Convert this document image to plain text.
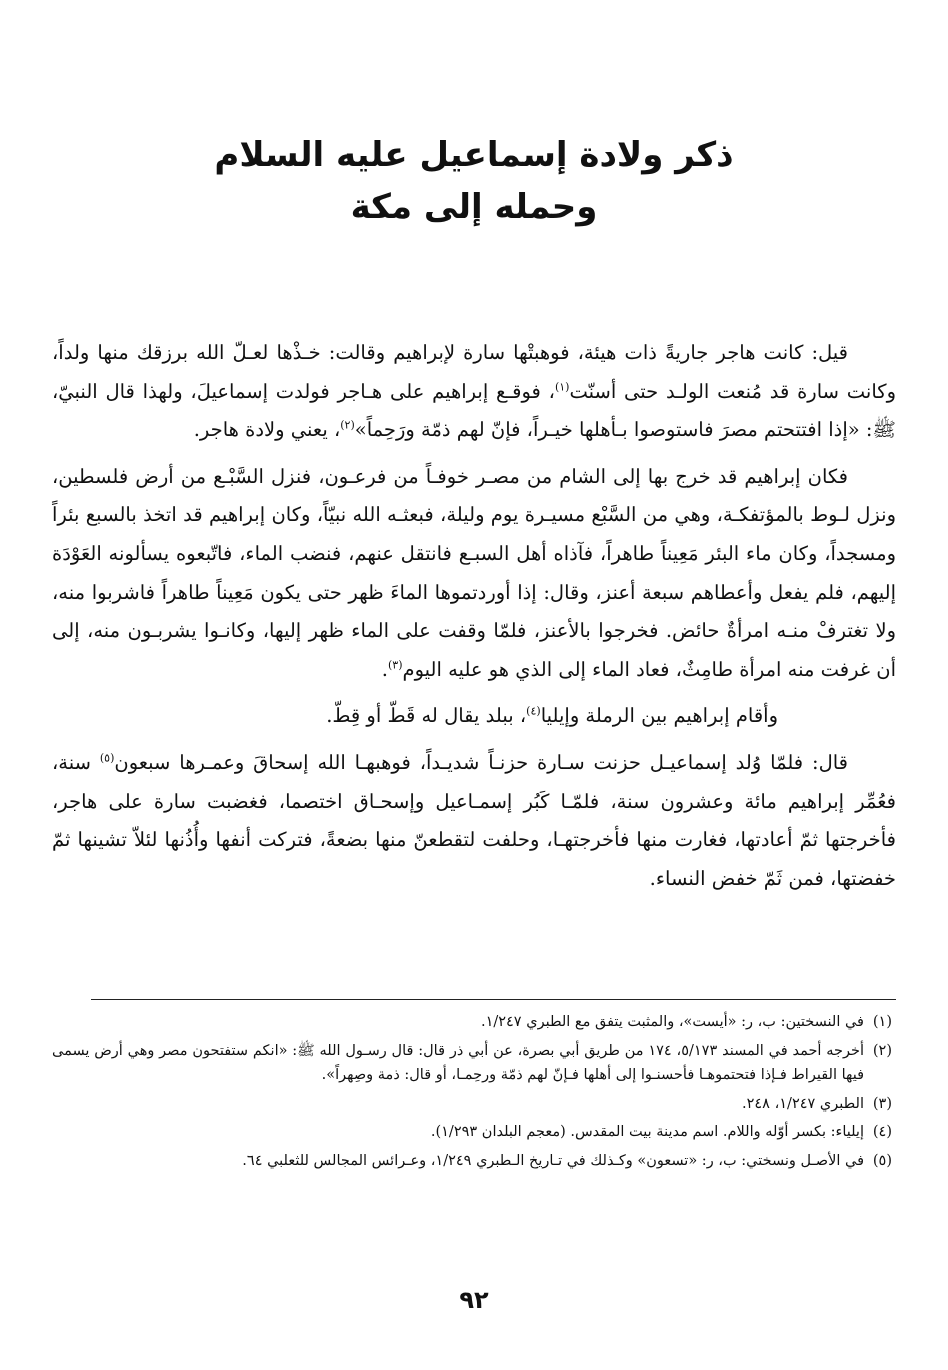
ذكر ولادة إسماعيل عليه السلام
وحمله إلى مكة

قيل: كانت هاجر جاريةً ذات هيئة، فوهبتْها سارة لإبراهيم وقالت: خـذْها لعـلّ الله برزقك منها ولداً، وكانت سارة قد مُنعت الولـد حتى أسنّت$^{(١)}$، فوقـع إبراهيم على هـاجر فولدت إسماعيلَ، ولهذا قال النبيّ، ﷺ: «إذا افتتحتم مصرَ فاستوصوا بـأهلها خيـراً، فإنّ لهم ذمّة ورَحِماً»$^{(٢)}$، يعني ولادة هاجر.

فكان إبراهيم قد خرج بها إلى الشام من مصـر خوفـاً من فرعـون، فنزل السَّبْـع من أرض فلسطين، ونزل لـوط بالمؤتفكـة، وهي من السَّبْع مسيـرة يوم وليلة، فبعثـه الله نبيّاً، وكان إبراهيم قد اتخذ بالسبع بئراً ومسجداً، وكان ماء البئر مَعِيناً طاهراً، فآذاه أهل السبـع فانتقل عنهم، فنضب الماء، فاتّبعوه يسألونه العَوْدَة إليهم، فلم يفعل وأعطاهم سبعة أعنز، وقال: إذا أوردتموها الماءَ ظهر حتى يكون مَعِيناً طاهراً فاشربوا منه، ولا تغترفْ منـه امرأةٌ حائض. فخرجوا بالأعنز، فلمّا وقفت على الماء ظهر إليها، وكانـوا يشربـون منه، إلى أن غرفت منه امرأة طامِثٌ، فعاد الماء إلى الذي هو عليه اليوم$^{(٣)}$.

وأقام إبراهيم بين الرملة وإيليا$^{(٤)}$، ببلد يقال له قَطّ أو قِطّ.

قال: فلمّا وُلد إسماعيـل حزنت سـارة حزنـاً شديـداً، فوهبهـا الله إسحاقَ وعمـرها سبعون$^{(٥)}$ سنة، فعُمِّر إبراهيم مائة وعشرون سنة، فلمّـا كَبُر إسمـاعيل وإسحـاق اختصما، فغضبت سارة على هاجر، فأخرجتها ثمّ أعادتها، فغارت منها فأخرجتهـا، وحلفت لتقطعنّ منها بضعةً، فتركت أنفها وأُذُنها لئلاّ تشينها ثمّ خفضتها، فمن ثَمّ خفض النساء.

(١)
في النسختين: ب، ر: «أيست»، والمثبت يتفق مع الطبري ١/٢٤٧.
(٢)
أخرجه أحمد في المسند ٥/١٧٣، ١٧٤ من طريق أبي بصرة، عن أبي ذر قال: قال رسـول الله ﷺ: «انكم ستفتحون مصر وهي أرض يسمى فيها القيراط فـإذا فتحتموهـا فأحسنـوا إلى أهلها فـإنّ لهم ذمّة ورحِمـا، أو قال: ذمة وصِهراً».
(٣)
الطبري ١/٢٤٧، ٢٤٨.
(٤)
إيلياء: بكسر أوّله واللام. اسم مدينة بيت المقدس. (معجم البلدان ١/٢٩٣).
(٥)
في الأصـل ونسختي: ب، ر: «تسعون» وكـذلك في تـاريخ الـطبري ١/٢٤٩، وعـرائس المجالس للثعلبي ٦٤.
٩٢
